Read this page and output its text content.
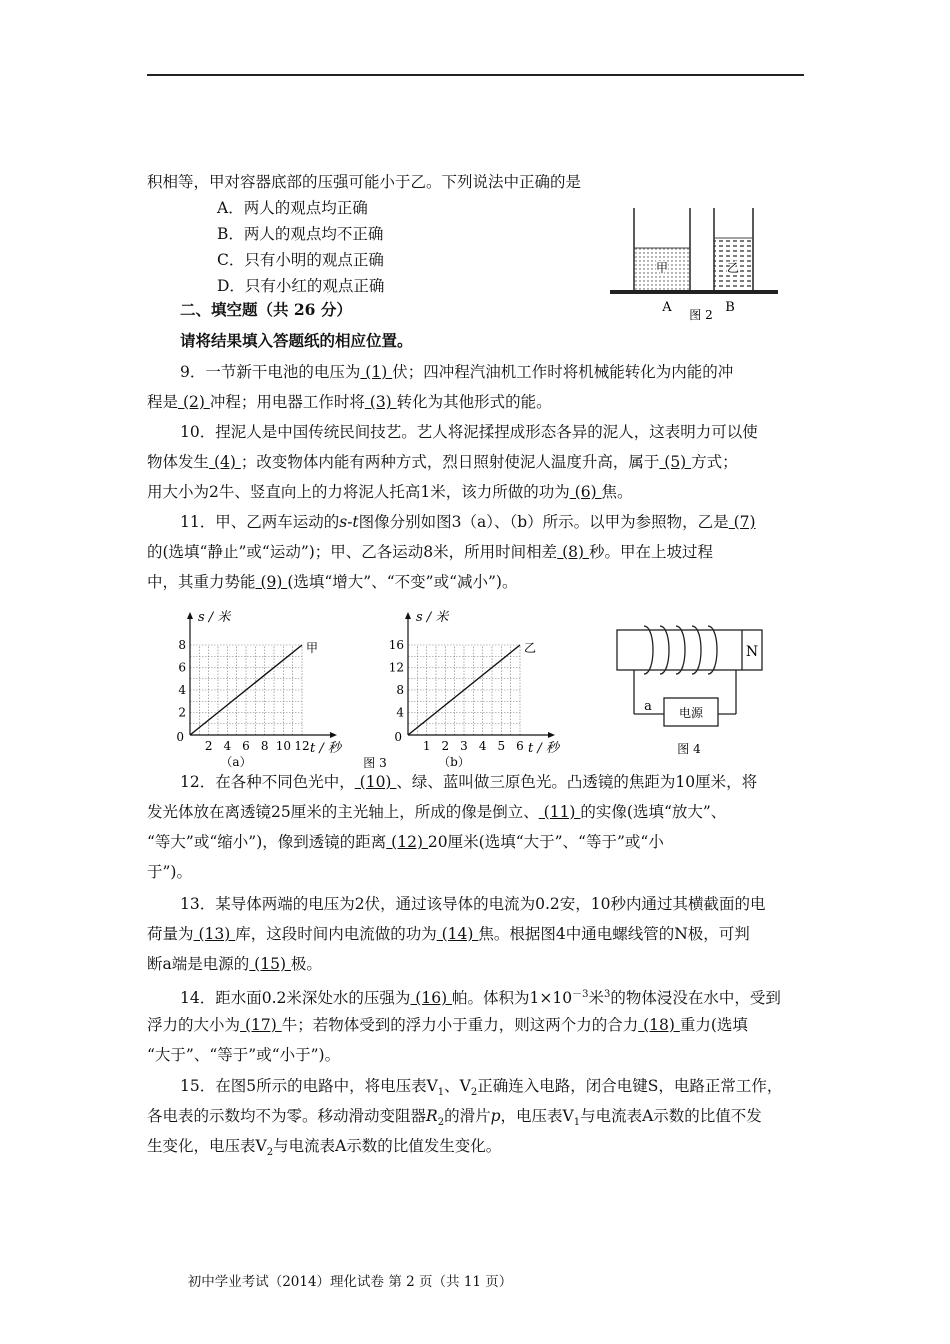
积相等，甲对容器底部的压强可能小于乙。下列说法中正确的是
A．两人的观点均正确
B．两人的观点均不正确
C．只有小明的观点正确
D．只有小红的观点正确
二、填空题（共 26 分）
请将结果填入答题纸的相应位置。
甲	乙
A	B
图 2
9．一节新干电池的电压为 (1) 伏；四冲程汽油机工作时将机械能转化为内能的冲
程是 (2) 冲程；用电器工作时将 (3) 转化为其他形式的能。
10．捏泥人是中国传统民间技艺。艺人将泥揉捏成形态各异的泥人，这表明力可以使
物体发生 (4) ；改变物体内能有两种方式，烈日照射使泥人温度升高，属于 (5) 方式；
用大小为2牛、竖直向上的力将泥人托高1米，该力所做的功为 (6) 焦。
11．甲、乙两车运动的s-t图像分别如图3（a）、（b）所示。以甲为参照物，乙是 (7)
的(选填“静止”或“运动”)；甲、乙各运动8米，所用时间相差 (8) 秒。甲在上坡过程
中，其重力势能 (9) (选填“增大”、“不变”或“减小”)。
8
6
4
2
2 4 6 8 10 12
0
甲
s / 米
t / 秒
（a）
16
12
8
4
1 2 3 4 5 6
0
乙
s / 米
t / 秒
（b）
图 3
N
a 电源
图 4
12．在各种不同色光中， (10) 、绿、蓝叫做三原色光。凸透镜的焦距为10厘米，将
发光体放在离透镜25厘米的主光轴上，所成的像是倒立、 (11) 的实像(选填“放大”、
“等大”或“缩小”)，像到透镜的距离 (12) 20厘米(选填“大于”、“等于”或“小
于”)。
13．某导体两端的电压为2伏，通过该导体的电流为0.2安，10秒内通过其横截面的电
荷量为 (13) 库，这段时间内电流做的功为 (14) 焦。根据图4中通电螺线管的N极，可判
断a端是电源的 (15) 极。
14．距水面0.2米深处水的压强为 (16) 帕。体积为$1\times 10^{-3}$米$^3$的物体浸没在水中，受到
浮力的大小为 (17) 牛；若物体受到的浮力小于重力，则这两个力的合力 (18) 重力(选填
“大于”、“等于”或“小于”)。
15．在图5所示的电路中，将电压表$V_1$、$V_2$正确连入电路，闭合电键S，电路正常工作，
各电表的示数均不为零。移动滑动变阻器$R_2$的滑片p，电压表$V_1$与电流表A示数的比值不发
生变化，电压表$V_2$与电流表A示数的比值发生变化。
初中学业考试（2014）理化试卷 第 2 页（共 11 页）
